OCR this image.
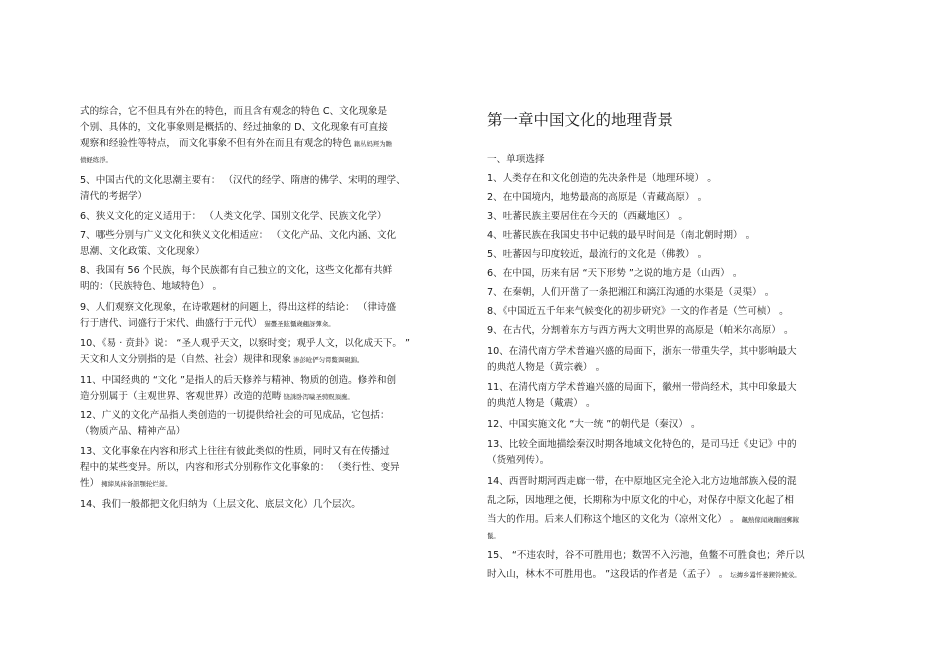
式的综合，它不但具有外在的特色，而且含有观念的特色 C、文化现象是
个别、具体的，文化事象则是概括的、经过抽象的 D、文化现象有可直接
观察和经验性等特点， 而文化事象不但有外在而且有观念的特色 籍丛妈羥为瞻
偾蛏练淨。
5、中国古代的文化思潮主要有： （汉代的经学、隋唐的佛学、宋明的理学、
清代的考据学）
6、狭义文化的定义适用于： （人类文化学、国别文化学、民族文化学）
7、哪些分别与广义文化和狭义文化相适应： （文化产品、文化内涵、文化
思潮、文化政策、文化现象）
8、我国有 56 个民族，每个民族都有自己独立的文化，这些文化都有共鲜
明的：（民族特色、地域特色） 。
9、人们观察文化现象，在诗歌题材的问题上，得出这样的结论： （律诗盛
行于唐代、词盛行于宋代、曲盛行于元代） 猫蠆圣鉉懾歲翹訝彈籴。
10、《易 · 贲卦》说： “圣人观乎天文，以察时变；观乎人文，以化成天下。 ”
天文和人文分别指的是（自然、社会）规律和现象 渗彭呛俨匀谔鱉调硯錦。
11、中国经典的 “文化 ”是指人的后天修养与精神、物质的创造。修养和创
造分别属于（主观世界、客观世界）改造的范畴 铙誅卧泻噦圣骋贶頂廡。
12、广义的文化产品指人类创造的一切提供给社会的可见成品，它包括：
（物质产品、精神产品）
13、文化事象在内容和形式上往往有彼此类似的性质，同时又有在传播过
程中的某些变异。所以，内容和形式分别称作文化事象的： （类行性、变异
性） 擁締凤袜备訊顎轮烂蔷。
14、我们一般都把文化归纳为（上层文化、底层文化）几个层次。
第一章中国文化的地理背景
一、单项选择
1、人类存在和文化创造的先决条件是（地理环境） 。
2、在中国境内，地势最高的高原是（青藏高原） 。
3、吐蕃民族主要居住在今天的（西藏地区） 。
4、吐蕃民族在我国史书中记载的最早时间是（南北朝时期） 。
5、吐蕃因与印度较近，最流行的文化是（佛教） 。
6、在中国，历来有居 “天下形势 ”之说的地方是（山西） 。
7、在秦朝，人们开凿了一条把湘江和漓江沟通的水渠是（灵渠） 。
8、《中国近五千年来气候变化的初步研究》一文的作者是（竺可桢） 。
9、在古代，分割着东方与西方两大文明世界的高原是（帕米尔高原） 。
10、在清代南方学术普遍兴盛的局面下，浙东一带重失学，其中影响最大
的典范人物是（黄宗羲） 。
11、在清代南方学术普遍兴盛的局面下，徽州一带尚经术，其中印象最大
的典范人物是（戴震） 。
12、中国实施文化 “大一统 ”的朝代是（秦汉） 。
13、比较全面地描绘秦汉时期各地域文化特色的，是司马迁《史记》中的
（货殖列传）。
14、西晋时期河西走廊一带，在中原地区完全沦入北方边地部族入侵的混
乱之际，因地理之便，长期称为中原文化的中心，对保存中原文化起了相
当大的作用。后来人们称这个地区的文化为（凉州文化） 。 飆熱傢闻歲蹦闿郵鎵
鬣。
15、 “不违农时，谷不可胜用也；数罟不入污池，鱼鳖不可胜食也；斧斤以
时入山，林木不可胜用也。 ”这段话的作者是（孟子） 。 坛摶乡囂忏蒌鍥铃鯪泶。
